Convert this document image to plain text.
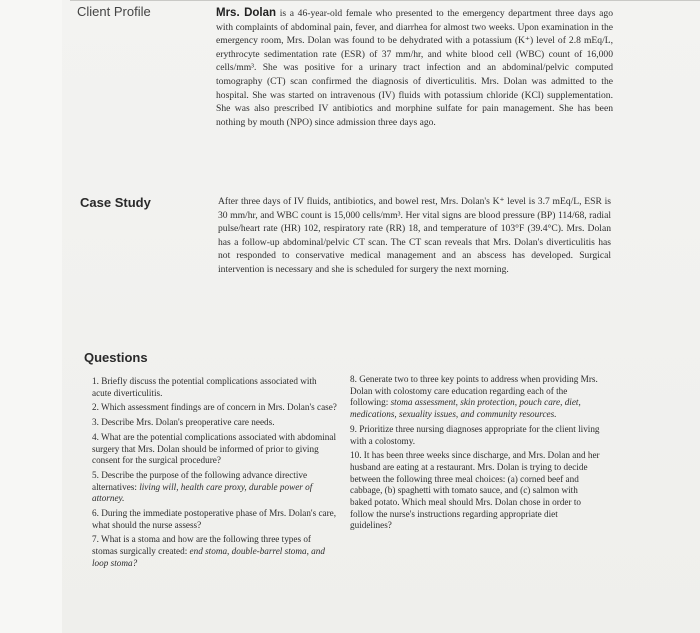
Client Profile	Mrs. Dolan is a 46-year-old female who presented to the emergency department three days ago with complaints of abdominal pain, fever, and diarrhea for almost two weeks. Upon examination in the emergency room, Mrs. Dolan was found to be dehydrated with a potassium (K⁺) level of 2.8 mEq/L, erythrocyte sedimentation rate (ESR) of 37 mm/hr, and white blood cell (WBC) count of 16,000 cells/mm³. She was positive for a urinary tract infection and an abdominal/pelvic computed tomography (CT) scan confirmed the diagnosis of diverticulitis. Mrs. Dolan was admitted to the hospital. She was started on intravenous (IV) fluids with potassium chloride (KCl) supplementation. She was also prescribed IV antibiotics and morphine sulfate for pain management. She has been nothing by mouth (NPO) since admission three days ago.
Case Study	After three days of IV fluids, antibiotics, and bowel rest, Mrs. Dolan's K⁺ level is 3.7 mEq/L, ESR is 30 mm/hr, and WBC count is 15,000 cells/mm³. Her vital signs are blood pressure (BP) 114/68, radial pulse/heart rate (HR) 102, respiratory rate (RR) 18, and temperature of 103°F (39.4°C). Mrs. Dolan has a follow-up abdominal/pelvic CT scan. The CT scan reveals that Mrs. Dolan's diverticulitis has not responded to conservative medical management and an abscess has developed. Surgical intervention is necessary and she is scheduled for surgery the next morning.
Questions

1. Briefly discuss the potential complications associated with acute diverticulitis.

2. Which assessment findings are of concern in Mrs. Dolan's case?

3. Describe Mrs. Dolan's preoperative care needs.

4. What are the potential complications associated with abdominal surgery that Mrs. Dolan should be informed of prior to giving consent for the surgical procedure?

5. Describe the purpose of the following advance directive alternatives: living will, health care proxy, durable power of attorney.

6. During the immediate postoperative phase of Mrs. Dolan's care, what should the nurse assess?

7. What is a stoma and how are the following three types of stomas surgically created: end stoma, double-barrel stoma, and loop stoma?

8. Generate two to three key points to address when providing Mrs. Dolan with colostomy care education regarding each of the following: stoma assessment, skin protection, pouch care, diet, medications, sexuality issues, and community resources.

9. Prioritize three nursing diagnoses appropriate for the client living with a colostomy.

10. It has been three weeks since discharge, and Mrs. Dolan and her husband are eating at a restaurant. Mrs. Dolan is trying to decide between the following three meal choices: (a) corned beef and cabbage, (b) spaghetti with tomato sauce, and (c) salmon with baked potato. Which meal should Mrs. Dolan chose in order to follow the nurse's instructions regarding appropriate diet guidelines?
